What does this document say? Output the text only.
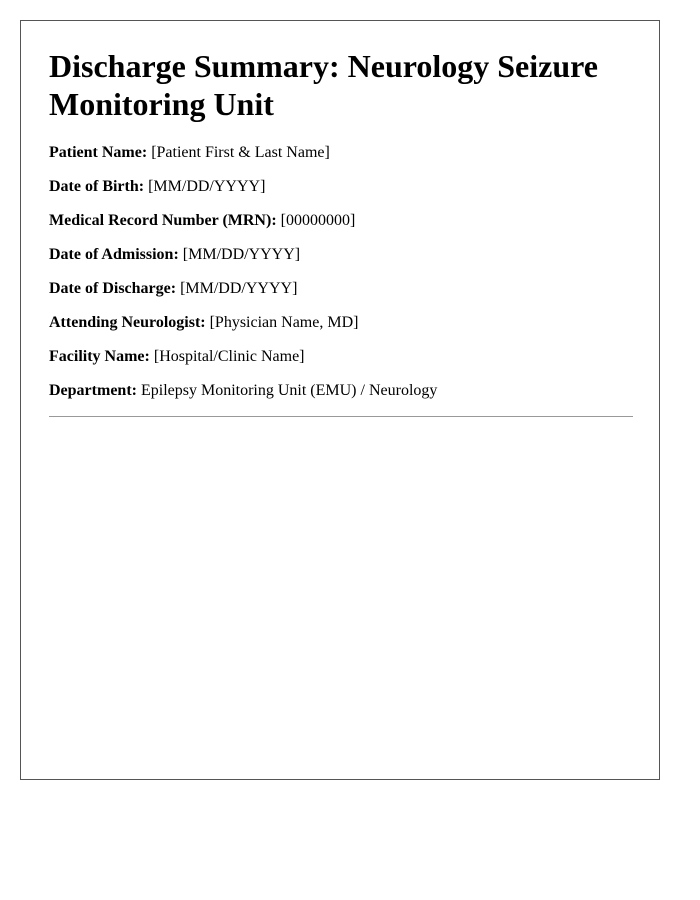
Discharge Summary: Neurology Seizure Monitoring Unit
Patient Name: [Patient First & Last Name]
Date of Birth: [MM/DD/YYYY]
Medical Record Number (MRN): [00000000]
Date of Admission: [MM/DD/YYYY]
Date of Discharge: [MM/DD/YYYY]
Attending Neurologist: [Physician Name, MD]
Facility Name: [Hospital/Clinic Name]
Department: Epilepsy Monitoring Unit (EMU) / Neurology
